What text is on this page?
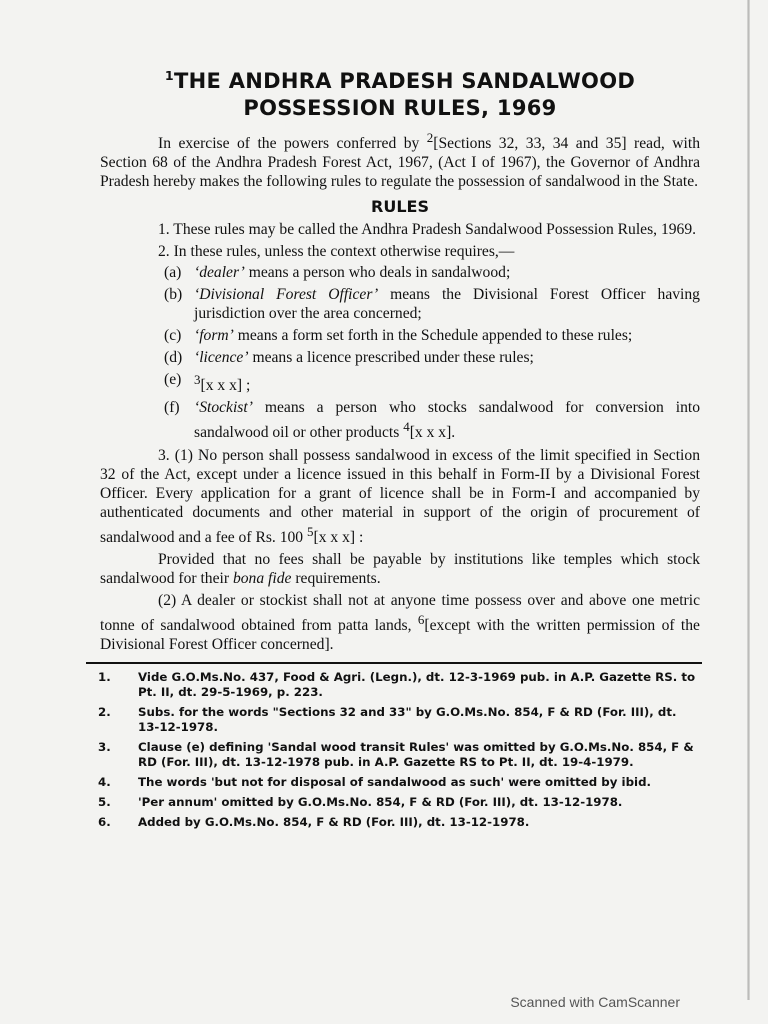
$^1$THE ANDHRA PRADESH SANDALWOOD
POSSESSION RULES, 1969

In exercise of the powers conferred by $^2$[Sections 32, 33, 34 and 35] read, with Section 68 of the Andhra Pradesh Forest Act, 1967, (Act I of 1967), the Governor of Andhra Pradesh hereby makes the following rules to regulate the possession of sandalwood in the State.

RULES

1. These rules may be called the Andhra Pradesh Sandalwood Possession Rules, 1969.

2. In these rules, unless the context otherwise requires,—

(a) ‘dealer’ means a person who deals in sandalwood;
(b) ‘Divisional Forest Officer’ means the Divisional Forest Officer having jurisdiction over the area concerned;
(c) ‘form’ means a form set forth in the Schedule appended to these rules;
(d) ‘licence’ means a licence prescribed under these rules;
(e) $^3$[x x x] ;
(f) ‘Stockist’ means a person who stocks sandalwood for conversion into sandalwood oil or other products $^4$[x x x].

3. (1) No person shall possess sandalwood in excess of the limit specified in Section 32 of the Act, except under a licence issued in this behalf in Form-II by a Divisional Forest Officer. Every application for a grant of licence shall be in Form-I and accompanied by authenticated documents and other material in support of the origin of procurement of sandalwood and a fee of Rs. 100 $^5$[x x x] :

Provided that no fees shall be payable by institutions like temples which stock sandalwood for their bona fide requirements.

(2) A dealer or stockist shall not at anyone time possess over and above one metric tonne of sandalwood obtained from patta lands, $^6$[except with the written permission of the Divisional Forest Officer concerned].

1.	Vide G.O.Ms.No. 437, Food & Agri. (Legn.), dt. 12-3-1969 pub. in A.P. Gazette RS. to Pt. II, dt. 29-5-1969, p. 223.
2.	Subs. for the words "Sections 32 and 33" by G.O.Ms.No. 854, F & RD (For. III), dt. 13-12-1978.
3.	Clause (e) defining 'Sandal wood transit Rules' was omitted by G.O.Ms.No. 854, F & RD (For. III), dt. 13-12-1978 pub. in A.P. Gazette RS to Pt. II, dt. 19-4-1979.
4.	The words 'but not for disposal of sandalwood as such' were omitted by ibid.
5.	'Per annum' omitted by G.O.Ms.No. 854, F & RD (For. III), dt. 13-12-1978.
6.	Added by G.O.Ms.No. 854, F & RD (For. III), dt. 13-12-1978.
Scanned with CamScanner
